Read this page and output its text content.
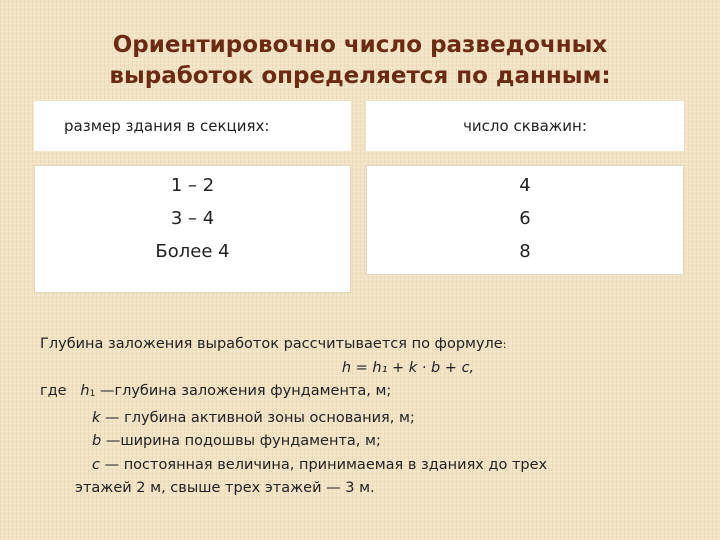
Ориентировочно число разведочных
выработок определяется по данным:
размер здания в секциях:	число скважин:
1 – 2
3 – 4
Более 4
4
6
8
Глубина заложения выработок рассчитывается по формуле:
h = h₁ + k · b + c,
где $h_1$ —глубина заложения фундамента, м;
k — глубина активной зоны основания, м;
b —ширина подошвы фундамента, м;
c — постоянная величина, принимаемая в зданиях до трех
этажей 2 м, свыше трех этажей — 3 м.
